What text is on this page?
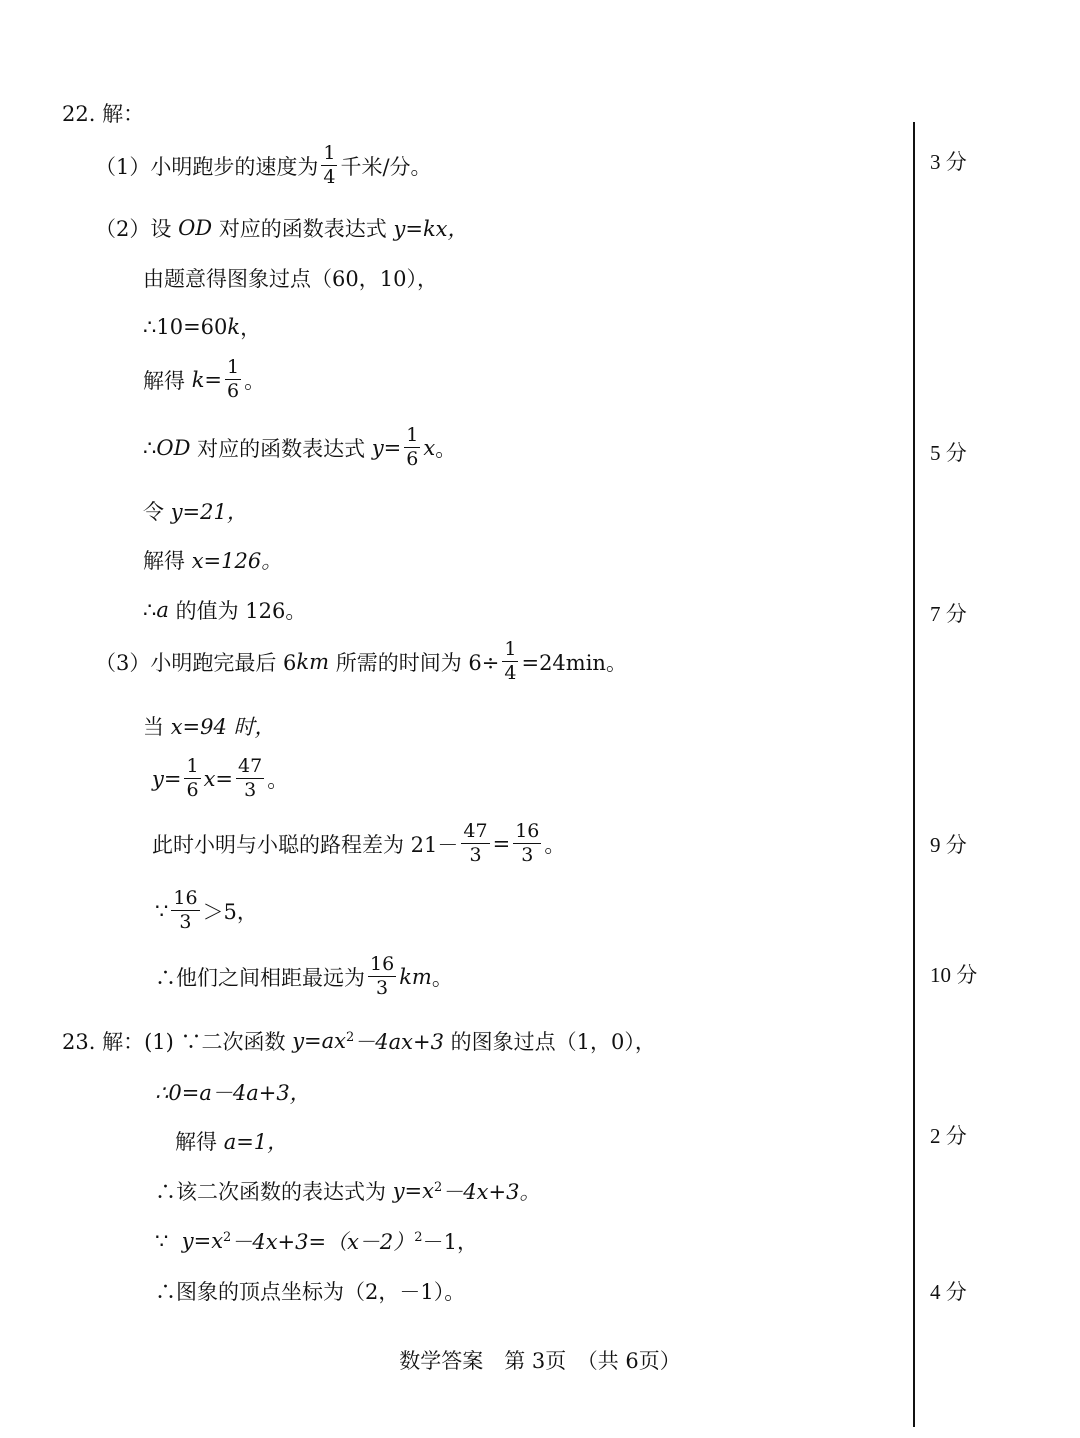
22. 解：
（1）小明跑步的速度为 $\frac{1}{4}$ 千米/分。
（2）设
OD
对应的函数表达式
y=kx，
由题意得图象过点（60，10），
∴10=60 k ，
解得
$k= \frac{1}{6}$ 。
∴ OD
对应的函数表达式
$y= \frac{1}{6}$ x 。
令
y=21，
解得
x=126。
∴ a
的值为 126。
（3）小明跑完最后 6 km
所需的时间为 $6\div \frac{1}{4} =24\min$。
当
x=94 时，
$y= \frac{1}{6} x= \frac{47}{3}$ 。
此时小明与小聪的路程差为 $21- \frac{47}{3} = \frac{16}{3}$ 。
∵ $\frac{16}{3} >5$，
∴他们之间相距最远为 $\frac{16}{3}$ km 。
23. 解：(1) ∵二次函数
$y=ax^2 -4ax+3$
的图象过点（1，0），
∴0=a－4a+3，
解得
a=1，
∴该二次函数的表达式为
$y=x^2 -4x+3$。
∵
$y=x^2 -4x+3=(x-2)^2 -1$，
∴图象的顶点坐标为（2，－1）。
3 分
5 分
7 分
9 分
10 分
2 分
4 分
数学答案　第 3页　（共 6页）
